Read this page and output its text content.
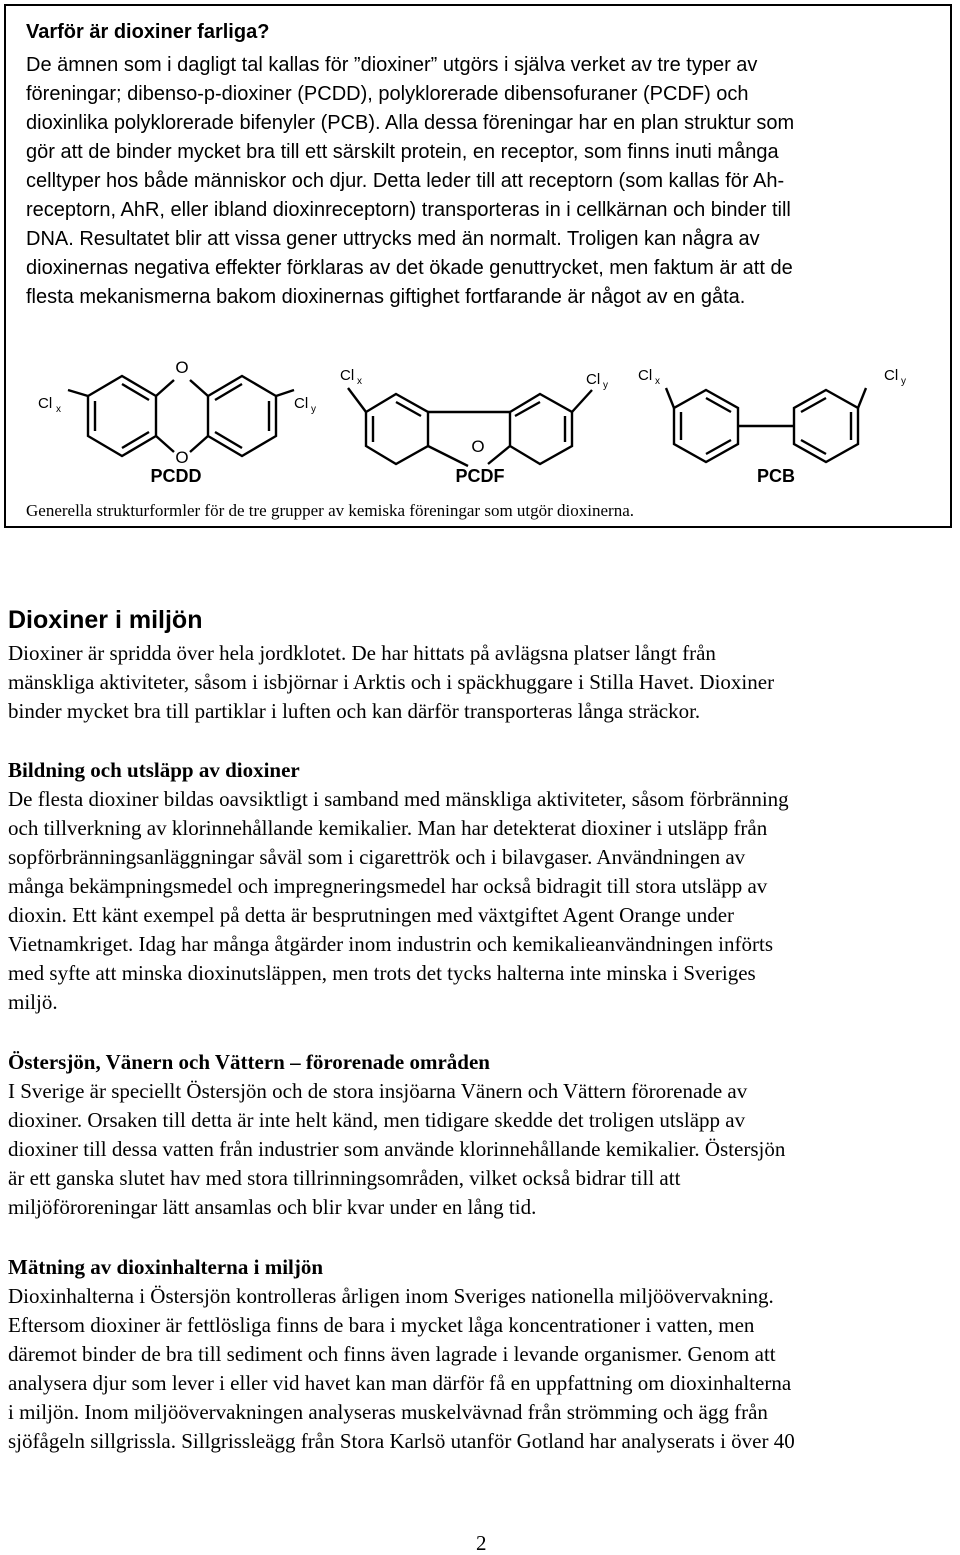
Varför är dioxiner farliga?
De ämnen som i dagligt tal kallas för ”dioxiner” utgörs i själva verket av tre typer av
föreningar; dibenso-p-dioxiner (PCDD), polyklorerade dibensofuraner (PCDF) och
dioxinlika polyklorerade bifenyler (PCB). Alla dessa föreningar har en plan struktur som
gör att de binder mycket bra till ett särskilt protein, en receptor, som finns inuti många
celltyper hos både människor och djur. Detta leder till att receptorn (som kallas för Ah-
receptorn, AhR, eller ibland dioxinreceptorn) transporteras in i cellkärnan och binder till
DNA. Resultatet blir att vissa gener uttrycks med än normalt. Troligen kan några av
dioxinernas negativa effekter förklaras av det ökade genuttrycket, men faktum är att de
flesta mekanismerna bakom dioxinernas giftighet fortfarande är något av en gåta.
O
O
O
Cl x	Cl y
Cl x	Cl y
Cl x	Cl y
PCDD	PCDF	PCB
Generella strukturformler för de tre grupper av kemiska föreningar som utgör dioxinerna.
Dioxiner i miljön
Dioxiner är spridda över hela jordklotet. De har hittats på avlägsna platser långt från
mänskliga aktiviteter, såsom i isbjörnar i Arktis och i späckhuggare i Stilla Havet. Dioxiner
binder mycket bra till partiklar i luften och kan därför transporteras långa sträckor.
Bildning och utsläpp av dioxiner
De flesta dioxiner bildas oavsiktligt i samband med mänskliga aktiviteter, såsom förbränning
och tillverkning av klorinnehållande kemikalier. Man har detekterat dioxiner i utsläpp från
sopförbränningsanläggningar såväl som i cigarettrök och i bilavgaser. Användningen av
många bekämpningsmedel och impregneringsmedel har också bidragit till stora utsläpp av
dioxin. Ett känt exempel på detta är besprutningen med växtgiftet Agent Orange under
Vietnamkriget. Idag har många åtgärder inom industrin och kemikalieanvändningen införts
med syfte att minska dioxinutsläppen, men trots det tycks halterna inte minska i Sveriges
miljö.
Östersjön, Vänern och Vättern – förorenade områden
I Sverige är speciellt Östersjön och de stora insjöarna Vänern och Vättern förorenade av
dioxiner. Orsaken till detta är inte helt känd, men tidigare skedde det troligen utsläpp av
dioxiner till dessa vatten från industrier som använde klorinnehållande kemikalier. Östersjön
är ett ganska slutet hav med stora tillrinningsområden, vilket också bidrar till att
miljöföroreningar lätt ansamlas och blir kvar under en lång tid.
Mätning av dioxinhalterna i miljön
Dioxinhalterna i Östersjön kontrolleras årligen inom Sveriges nationella miljöövervakning.
Eftersom dioxiner är fettlösliga finns de bara i mycket låga koncentrationer i vatten, men
däremot binder de bra till sediment och finns även lagrade i levande organismer. Genom att
analysera djur som lever i eller vid havet kan man därför få en uppfattning om dioxinhalterna
i miljön. Inom miljöövervakningen analyseras muskelvävnad från strömming och ägg från
sjöfågeln sillgrissla. Sillgrissleägg från Stora Karlsö utanför Gotland har analyserats i över 40
2
